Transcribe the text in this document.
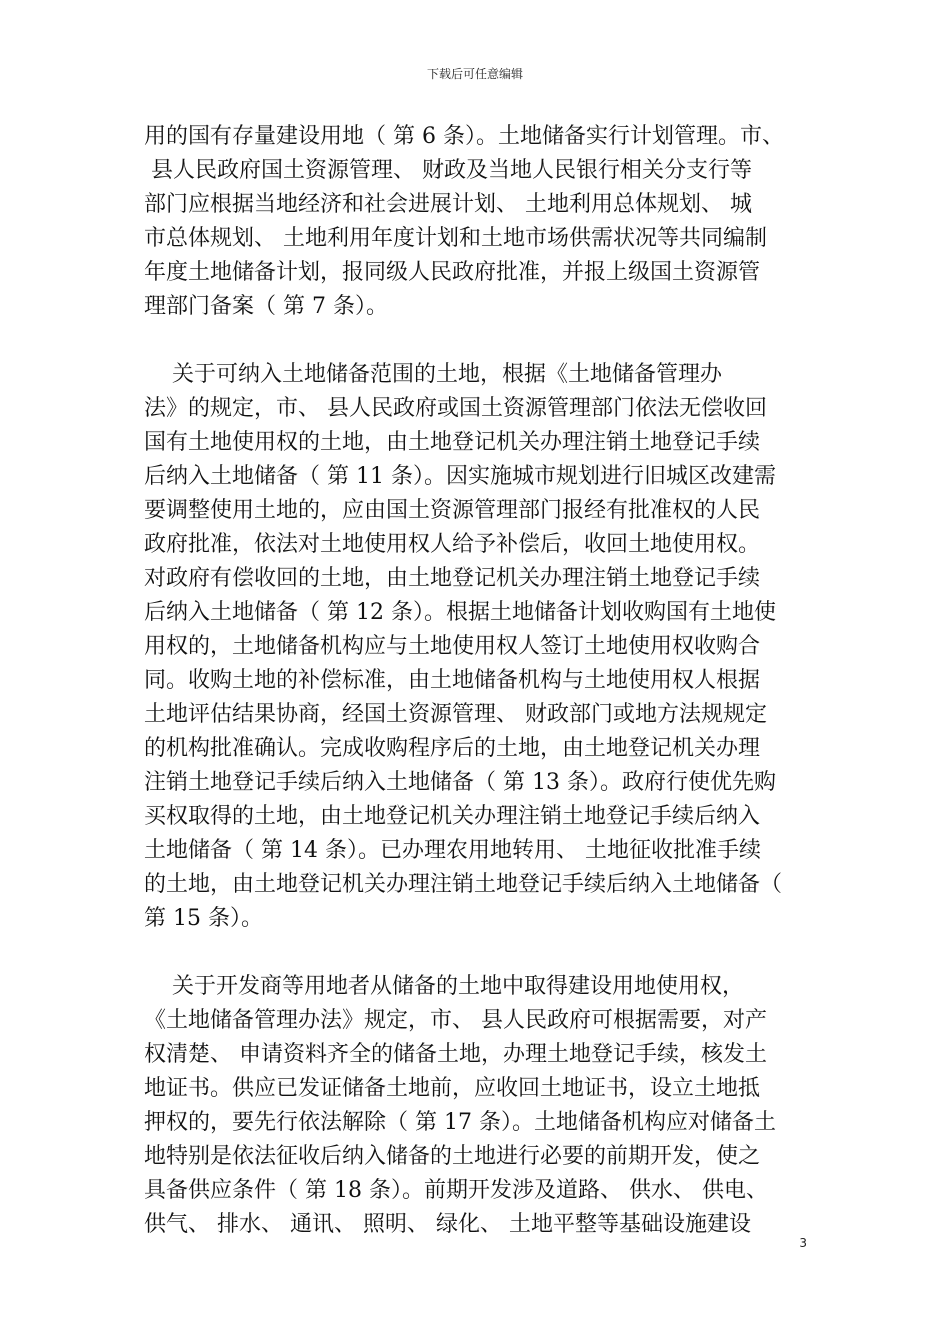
下载后可任意编辑
用的国有存量建设用地（ 第 6 条）。土地储备实行计划管理。市、
县人民政府国土资源管理、 财政及当地人民银行相关分支行等
部门应根据当地经济和社会进展计划、 土地利用总体规划、 城
市总体规划、 土地利用年度计划和土地市场供需状况等共同编制
年度土地储备计划，报同级人民政府批准，并报上级国土资源管
理部门备案（ 第 7 条）。
关于可纳入土地储备范围的土地，根据《土地储备管理办
法》的规定，市、 县人民政府或国土资源管理部门依法无偿收回
国有土地使用权的土地，由土地登记机关办理注销土地登记手续
后纳入土地储备（ 第 11 条）。因实施城市规划进行旧城区改建需
要调整使用土地的，应由国土资源管理部门报经有批准权的人民
政府批准，依法对土地使用权人给予补偿后，收回土地使用权。
对政府有偿收回的土地，由土地登记机关办理注销土地登记手续
后纳入土地储备（ 第 12 条）。根据土地储备计划收购国有土地使
用权的，土地储备机构应与土地使用权人签订土地使用权收购合
同。收购土地的补偿标准，由土地储备机构与土地使用权人根据
土地评估结果协商，经国土资源管理、 财政部门或地方法规规定
的机构批准确认。完成收购程序后的土地，由土地登记机关办理
注销土地登记手续后纳入土地储备（ 第 13 条）。政府行使优先购
买权取得的土地，由土地登记机关办理注销土地登记手续后纳入
土地储备（ 第 14 条）。已办理农用地转用、 土地征收批准手续
的土地，由土地登记机关办理注销土地登记手续后纳入土地储备（
第 15 条）。
关于开发商等用地者从储备的土地中取得建设用地使用权，
《土地储备管理办法》规定，市、 县人民政府可根据需要，对产
权清楚、 申请资料齐全的储备土地，办理土地登记手续，核发土
地证书。供应已发证储备土地前，应收回土地证书，设立土地抵
押权的，要先行依法解除（ 第 17 条）。土地储备机构应对储备土
地特别是依法征收后纳入储备的土地进行必要的前期开发，使之
具备供应条件（ 第 18 条）。前期开发涉及道路、 供水、 供电、
供气、 排水、 通讯、 照明、 绿化、 土地平整等基础设施建设
3
